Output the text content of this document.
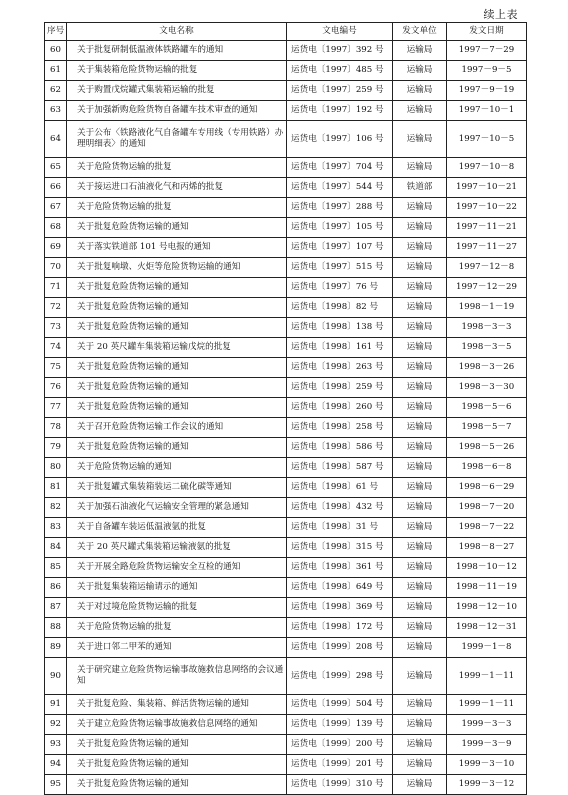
续上表
序号	文电名称	文电编号	发文单位	发文日期
60	关于批复研制低温液体铁路罐车的通知	运货电〔1997〕392 号	运输局	1997－7－29
61	关于集装箱危险货物运输的批复	运货电〔1997〕485 号	运输局	1997－9－5
62	关于购置戊烷罐式集装箱运输的批复	运货电〔1997〕259 号	运输局	1997－9－19
63	关于加强新购危险货物自备罐车技术审查的通知	运货电〔1997〕192 号	运输局	1997－10－1
64	关于公布〈铁路液化气自备罐车专用线（专用铁路）办理明细表〉的通知	运货电〔1997〕106 号	运输局	1997－10－5
65	关于危险货物运输的批复	运货电〔1997〕704 号	运输局	1997－10－8
66	关于接运进口石油液化气和丙烯的批复	运货电〔1997〕544 号	铁道部	1997－10－21
67	关于危险货物运输的批复	运货电〔1997〕288 号	运输局	1997－10－22
68	关于批复危险货物运输的通知	运货电〔1997〕105 号	运输局	1997－11－21
69	关于落实铁道部 101 号电报的通知	运货电〔1997〕107 号	运输局	1997－11－27
70	关于批复响墩、火炬等危险货物运输的通知	运货电〔1997〕515 号	运输局	1997－12－8
71	关于批复危险货物运输的通知	运货电〔1997〕76 号	运输局	1997－12－29
72	关于批复危险货物运输的通知	运货电〔1998〕82 号	运输局	1998－1－19
73	关于批复危险货物运输的通知	运货电〔1998〕138 号	运输局	1998－3－3
74	关于 20 英尺罐车集装箱运输戊烷的批复	运货电〔1998〕161 号	运输局	1998－3－5
75	关于批复危险货物运输的通知	运货电〔1998〕263 号	运输局	1998－3－26
76	关于批复危险货物运输的通知	运货电〔1998〕259 号	运输局	1998－3－30
77	关于批复危险货物运输的通知	运货电〔1998〕260 号	运输局	1998－5－6
78	关于召开危险货物运输工作会议的通知	运货电〔1998〕258 号	运输局	1998－5－7
79	关于批复危险货物运输的通知	运货电〔1998〕586 号	运输局	1998－5－26
80	关于危险货物运输的通知	运货电〔1998〕587 号	运输局	1998－6－8
81	关于批复罐式集装箱装运二硫化碳等通知	运货电〔1998〕61 号	运输局	1998－6－29
82	关于加强石油液化气运输安全管理的紧急通知	运货电〔1998〕432 号	运输局	1998－7－20
83	关于自备罐车装运低温液氩的批复	运货电〔1998〕31 号	运输局	1998－7－22
84	关于 20 英尺罐式集装箱运输液氨的批复	运货电〔1998〕315 号	运输局	1998－8－27
85	关于开展全路危险货物运输安全互检的通知	运货电〔1998〕361 号	运输局	1998－10－12
86	关于批复集装箱运输请示的通知	运货电〔1998〕649 号	运输局	1998－11－19
87	关于对过境危险货物运输的批复	运货电〔1998〕369 号	运输局	1998－12－10
88	关于危险货物运输的批复	运货电〔1998〕172 号	运输局	1998－12－31
89	关于进口邻二甲苯的通知	运货电〔1999〕208 号	运输局	1999－1－8
90	关于研究建立危险货物运输事故施救信息网络的会议通知	运货电〔1999〕298 号	运输局	1999－1－11
91	关于批复危险、集装箱、鲜活货物运输的通知	运货电〔1999〕504 号	运输局	1999－1－11
92	关于建立危险货物运输事故施救信息网络的通知	运货电〔1999〕139 号	运输局	1999－3－3
93	关于批复危险货物运输的通知	运货电〔1999〕200 号	运输局	1999－3－9
94	关于批复危险货物运输的通知	运货电〔1999〕201 号	运输局	1999－3－10
95	关于批复危险货物运输的通知	运货电〔1999〕310 号	运输局	1999－3－12
